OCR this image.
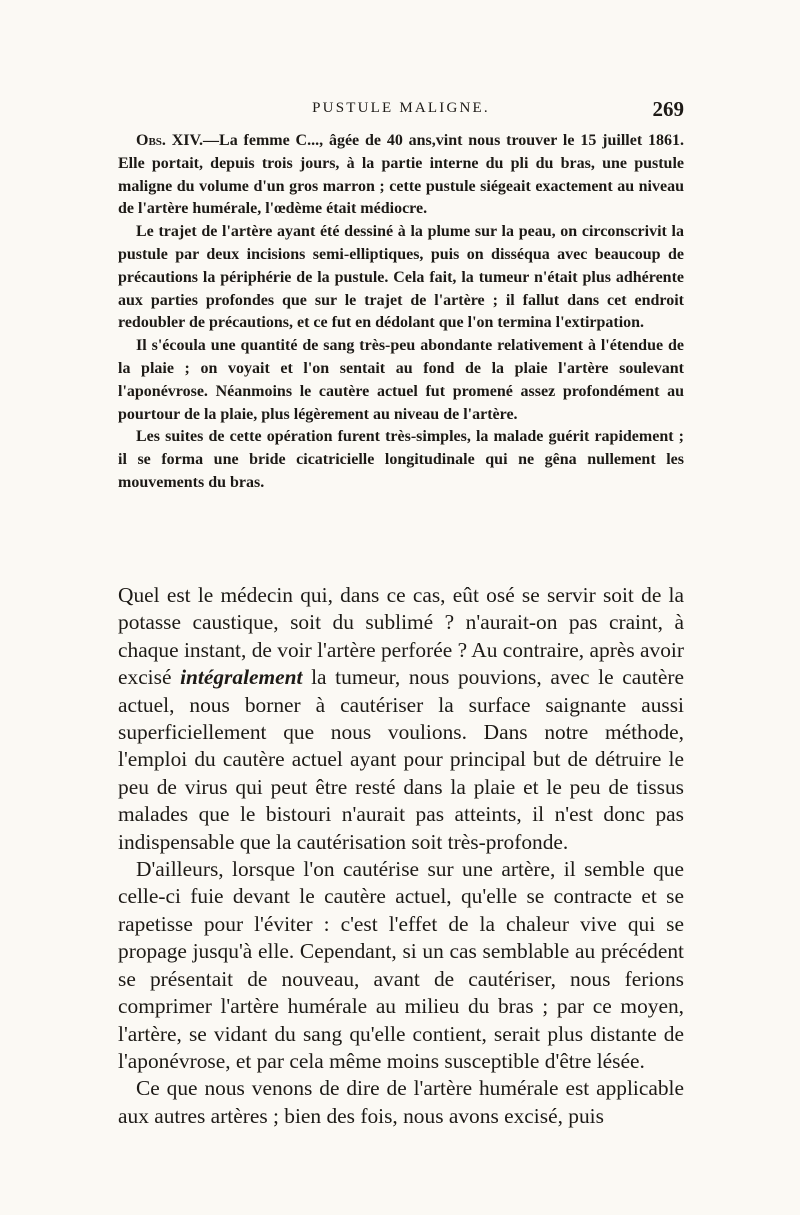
PUSTULE MALIGNE.	269

Obs. XIV.—La femme C..., âgée de 40 ans,vint nous trouver le 15 juillet 1861. Elle portait, depuis trois jours, à la partie interne du pli du bras, une pustule maligne du volume d'un gros marron ; cette pustule siégeait exactement au niveau de l'artère humérale, l'œdème était médiocre.

Le trajet de l'artère ayant été dessiné à la plume sur la peau, on circonscrivit la pustule par deux incisions semi-elliptiques, puis on disséqua avec beaucoup de précautions la périphérie de la pustule. Cela fait, la tumeur n'était plus adhérente aux parties profondes que sur le trajet de l'artère ; il fallut dans cet endroit redoubler de précautions, et ce fut en dédolant que l'on termina l'extirpation.

Il s'écoula une quantité de sang très-peu abondante relativement à l'étendue de la plaie ; on voyait et l'on sentait au fond de la plaie l'artère soulevant l'aponévrose. Néanmoins le cautère actuel fut promené assez profondément au pourtour de la plaie, plus légèrement au niveau de l'artère.

Les suites de cette opération furent très-simples, la malade guérit rapidement ; il se forma une bride cicatricielle longitudinale qui ne gêna nullement les mouvements du bras.

Quel est le médecin qui, dans ce cas, eût osé se servir soit de la potasse caustique, soit du sublimé ? n'aurait-on pas craint, à chaque instant, de voir l'artère perforée ? Au contraire, après avoir excisé intégralement la tumeur, nous pouvions, avec le cautère actuel, nous borner à cautériser la surface saignante aussi superficiellement que nous voulions. Dans notre méthode, l'emploi du cautère actuel ayant pour principal but de détruire le peu de virus qui peut être resté dans la plaie et le peu de tissus malades que le bistouri n'aurait pas atteints, il n'est donc pas indispensable que la cautérisation soit très-profonde.

D'ailleurs, lorsque l'on cautérise sur une artère, il semble que celle-ci fuie devant le cautère actuel, qu'elle se contracte et se rapetisse pour l'éviter : c'est l'effet de la chaleur vive qui se propage jusqu'à elle. Cependant, si un cas semblable au précédent se présentait de nouveau, avant de cautériser, nous ferions comprimer l'artère humérale au milieu du bras ; par ce moyen, l'artère, se vidant du sang qu'elle contient, serait plus distante de l'aponévrose, et par cela même moins susceptible d'être lésée.

Ce que nous venons de dire de l'artère humérale est applicable aux autres artères ; bien des fois, nous avons excisé, puis
